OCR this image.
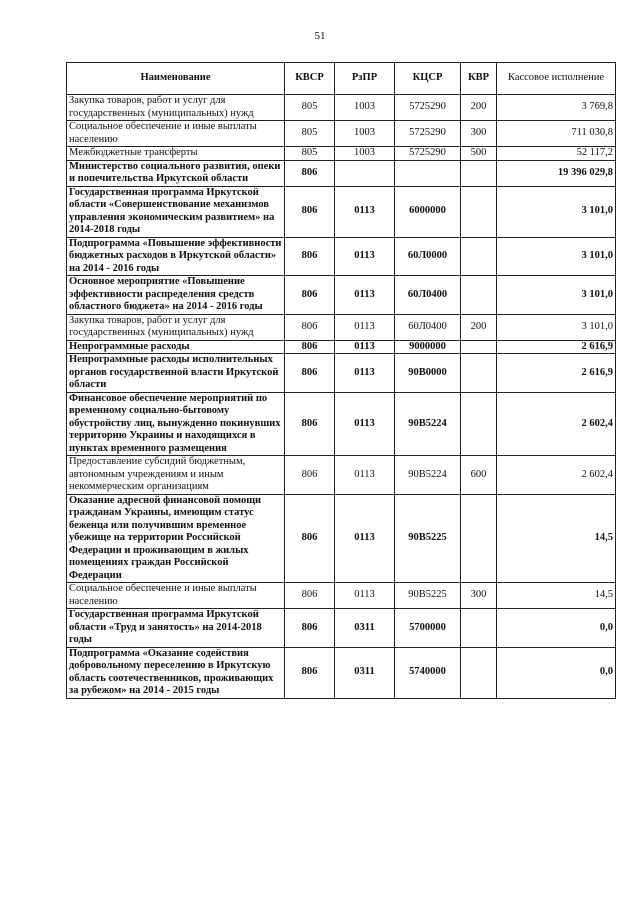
51
Наименование	КВСР	РзПР	КЦСР	КВР	Кассовое исполнение
Закупка товаров, работ и услуг для государственных (муниципальных) нужд	805	1003	5725290	200	3 769,8
Социальное обеспечение и иные выплаты населению	805	1003	5725290	300	711 030,8
Межбюджетные трансферты	805	1003	5725290	500	52 117,2
Министерство социального развития, опеки и попечительства Иркутской области	806				19 396 029,8
Государственная программа Иркутской области «Совершенствование механизмов управления экономическим развитием» на 2014-2018 годы	806	0113	6000000		3 101,0
Подпрограмма «Повышение эффективности бюджетных расходов в Иркутской области» на 2014 - 2016 годы	806	0113	60Л0000		3 101,0
Основное мероприятие «Повышение эффективности распределения средств областного бюджета» на 2014 - 2016 годы	806	0113	60Л0400		3 101,0
Закупка товаров, работ и услуг для государственных (муниципальных) нужд	806	0113	60Л0400	200	3 101,0
Непрограммные расходы	806	0113	9000000		2 616,9
Непрограммные расходы исполнительных органов государственной власти Иркутской области	806	0113	90В0000		2 616,9
Финансовое обеспечение мероприятий по временному социально-бытовому обустройству лиц, вынужденно покинувших территорию Украины и находящихся в пунктах временного размещения	806	0113	90В5224		2 602,4
Предоставление субсидий бюджетным, автономным учреждениям и иным некоммерческим организациям	806	0113	90В5224	600	2 602,4
Оказание адресной финансовой помощи гражданам Украины, имеющим статус беженца или получившим временное убежище на территории Российской Федерации и проживающим в жилых помещениях граждан Российской Федерации	806	0113	90В5225		14,5
Социальное обеспечение и иные выплаты населению	806	0113	90В5225	300	14,5
Государственная программа Иркутской области «Труд и занятость» на 2014-2018 годы	806	0311	5700000		0,0
Подпрограмма «Оказание содействия добровольному переселению в Иркутскую область соотечественников, проживающих за рубежом» на 2014 - 2015 годы	806	0311	5740000		0,0
